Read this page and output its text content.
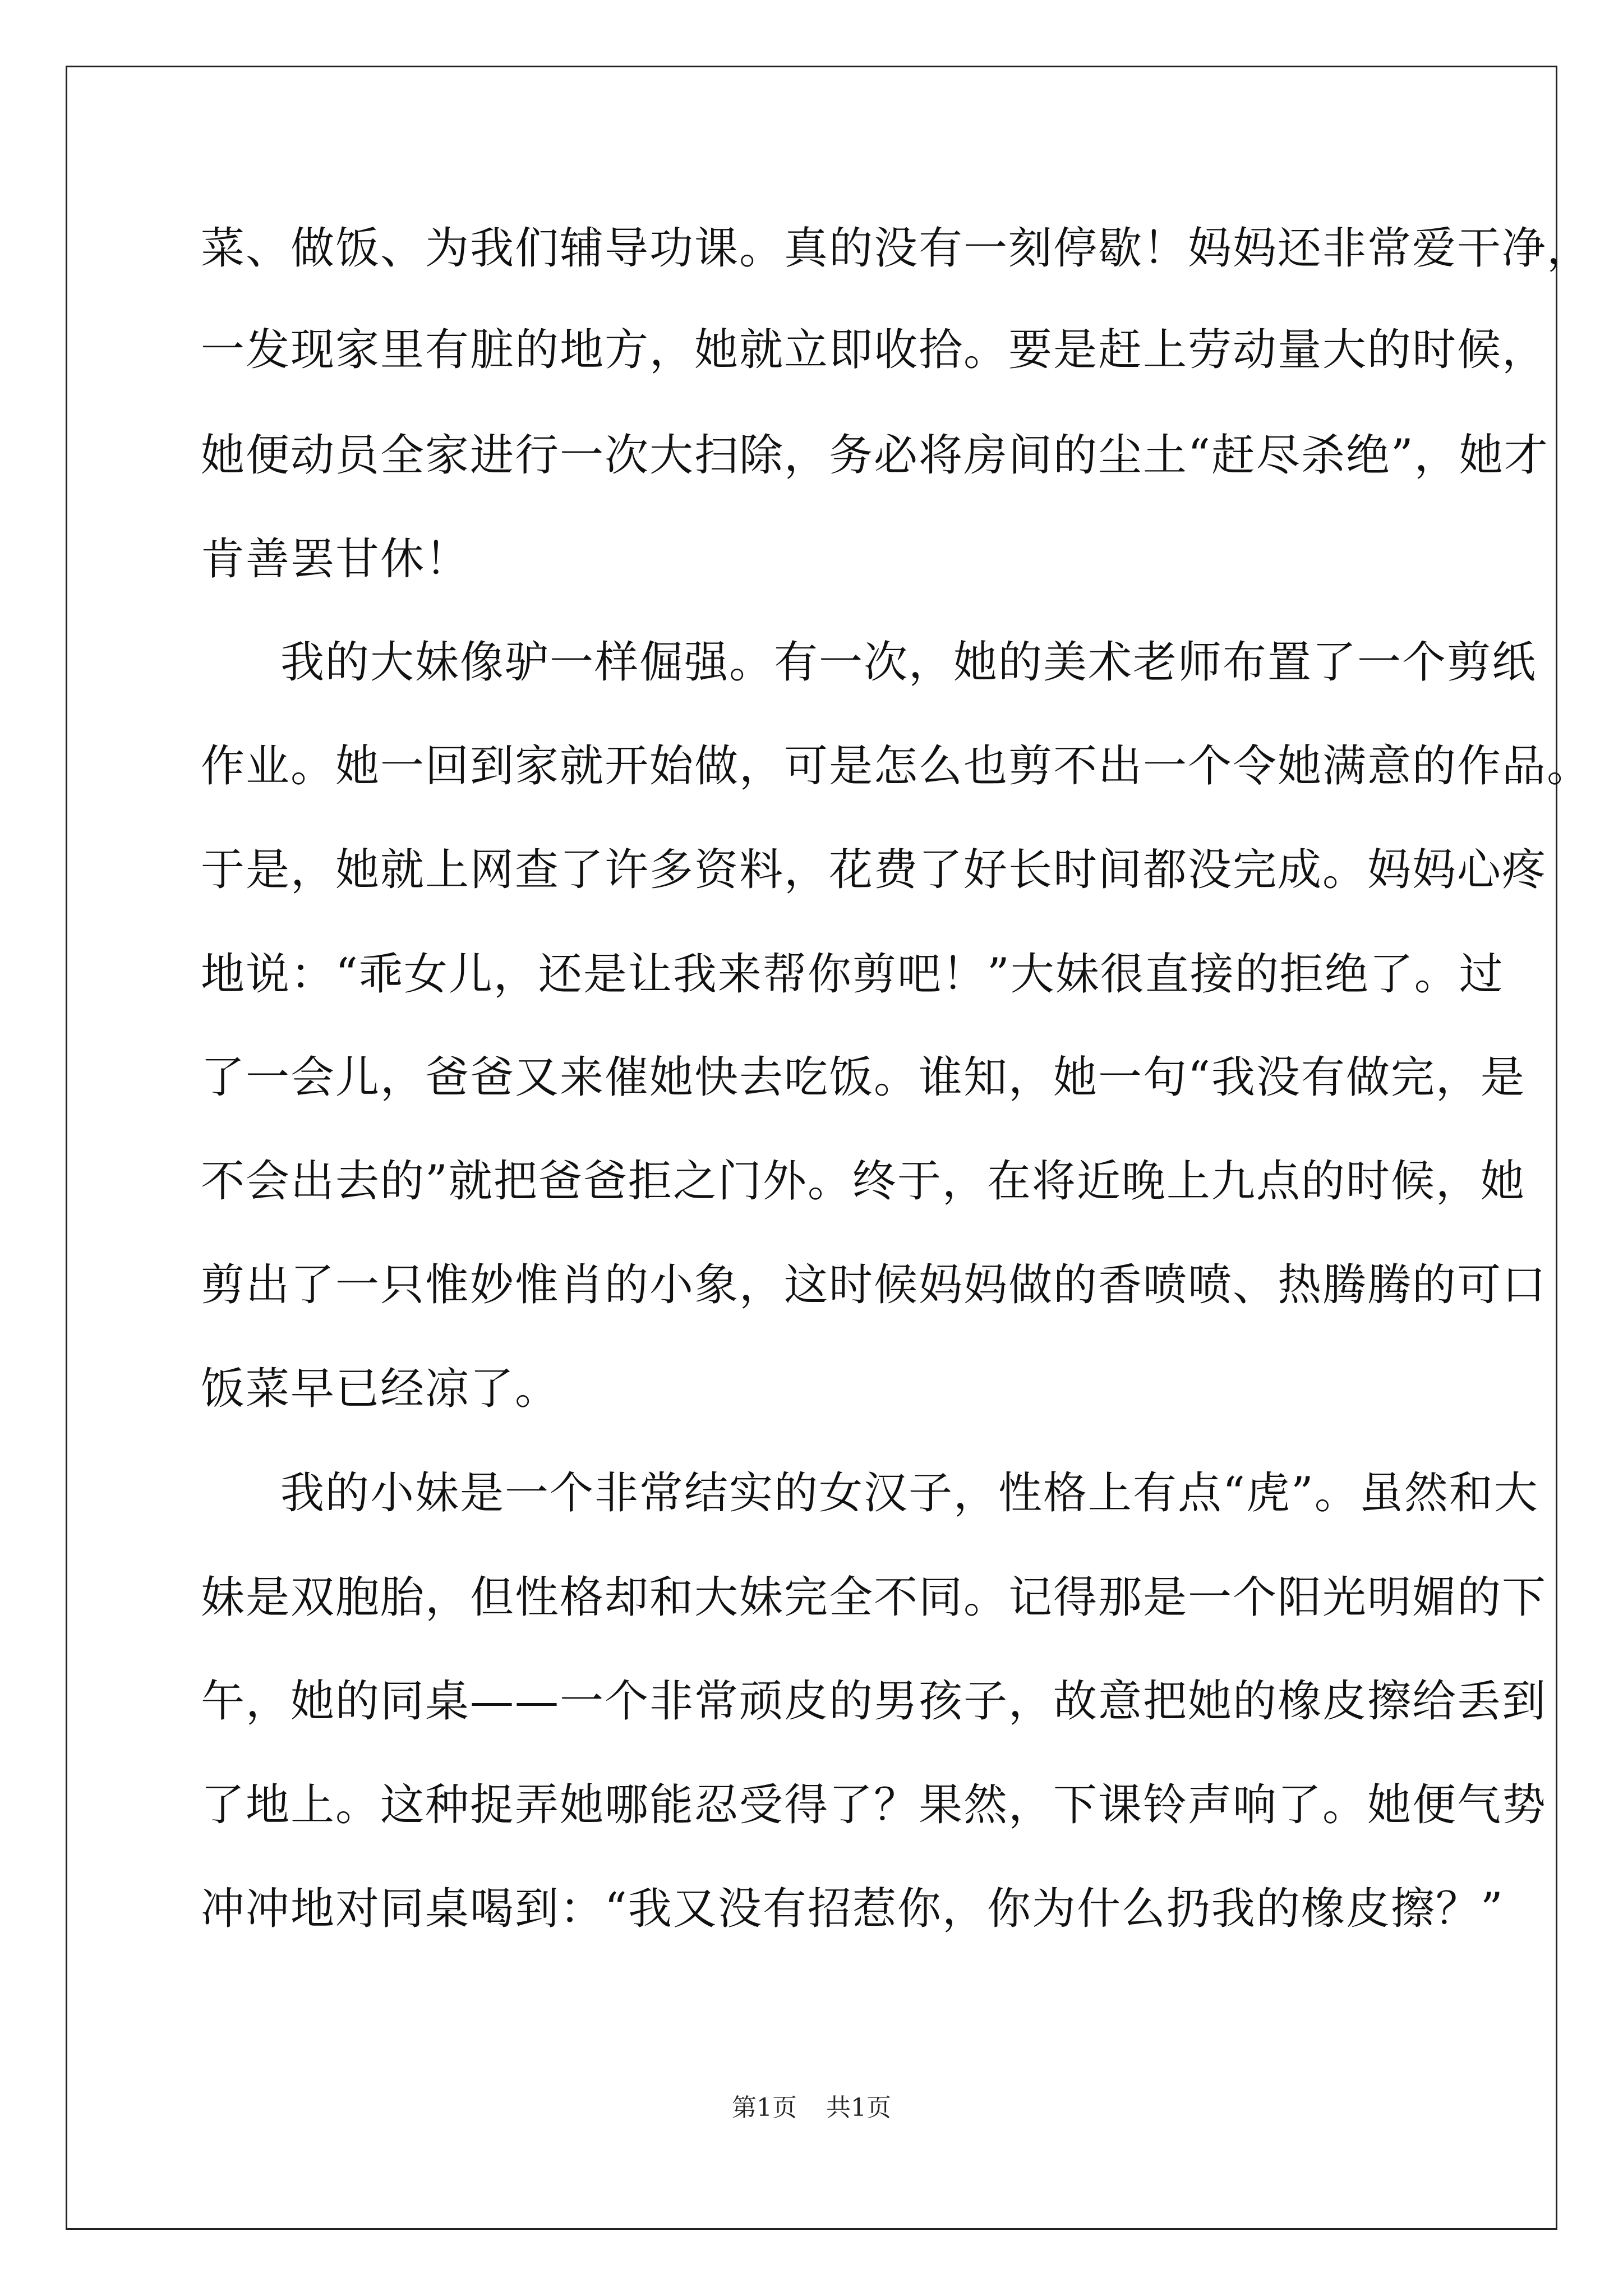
菜、做饭、为我们辅导功课。真的没有一刻停歇！妈妈还非常爱干净，

一发现家里有脏的地方，她就立即收拾。要是赶上劳动量大的时候，

她便动员全家进行一次大扫除，务必将房间的尘土“赶尽杀绝”，她才

肯善罢甘休！

我的大妹像驴一样倔强。有一次，她的美术老师布置了一个剪纸

作业。她一回到家就开始做，可是怎么也剪不出一个令她满意的作品。

于是，她就上网查了许多资料，花费了好长时间都没完成。妈妈心疼

地说：“乖女儿，还是让我来帮你剪吧！”大妹很直接的拒绝了。过

了一会儿，爸爸又来催她快去吃饭。谁知，她一句“我没有做完，是

不会出去的”就把爸爸拒之门外。终于，在将近晚上九点的时候，她

剪出了一只惟妙惟肖的小象，这时候妈妈做的香喷喷、热腾腾的可口

饭菜早已经凉了。

我的小妹是一个非常结实的女汉子，性格上有点“虎”。虽然和大

妹是双胞胎，但性格却和大妹完全不同。记得那是一个阳光明媚的下

午，她的同桌——一个非常顽皮的男孩子，故意把她的橡皮擦给丢到

了地上。这种捉弄她哪能忍受得了？果然，下课铃声响了。她便气势

冲冲地对同桌喝到：“我又没有招惹你，你为什么扔我的橡皮擦？”

第1页 共1页
